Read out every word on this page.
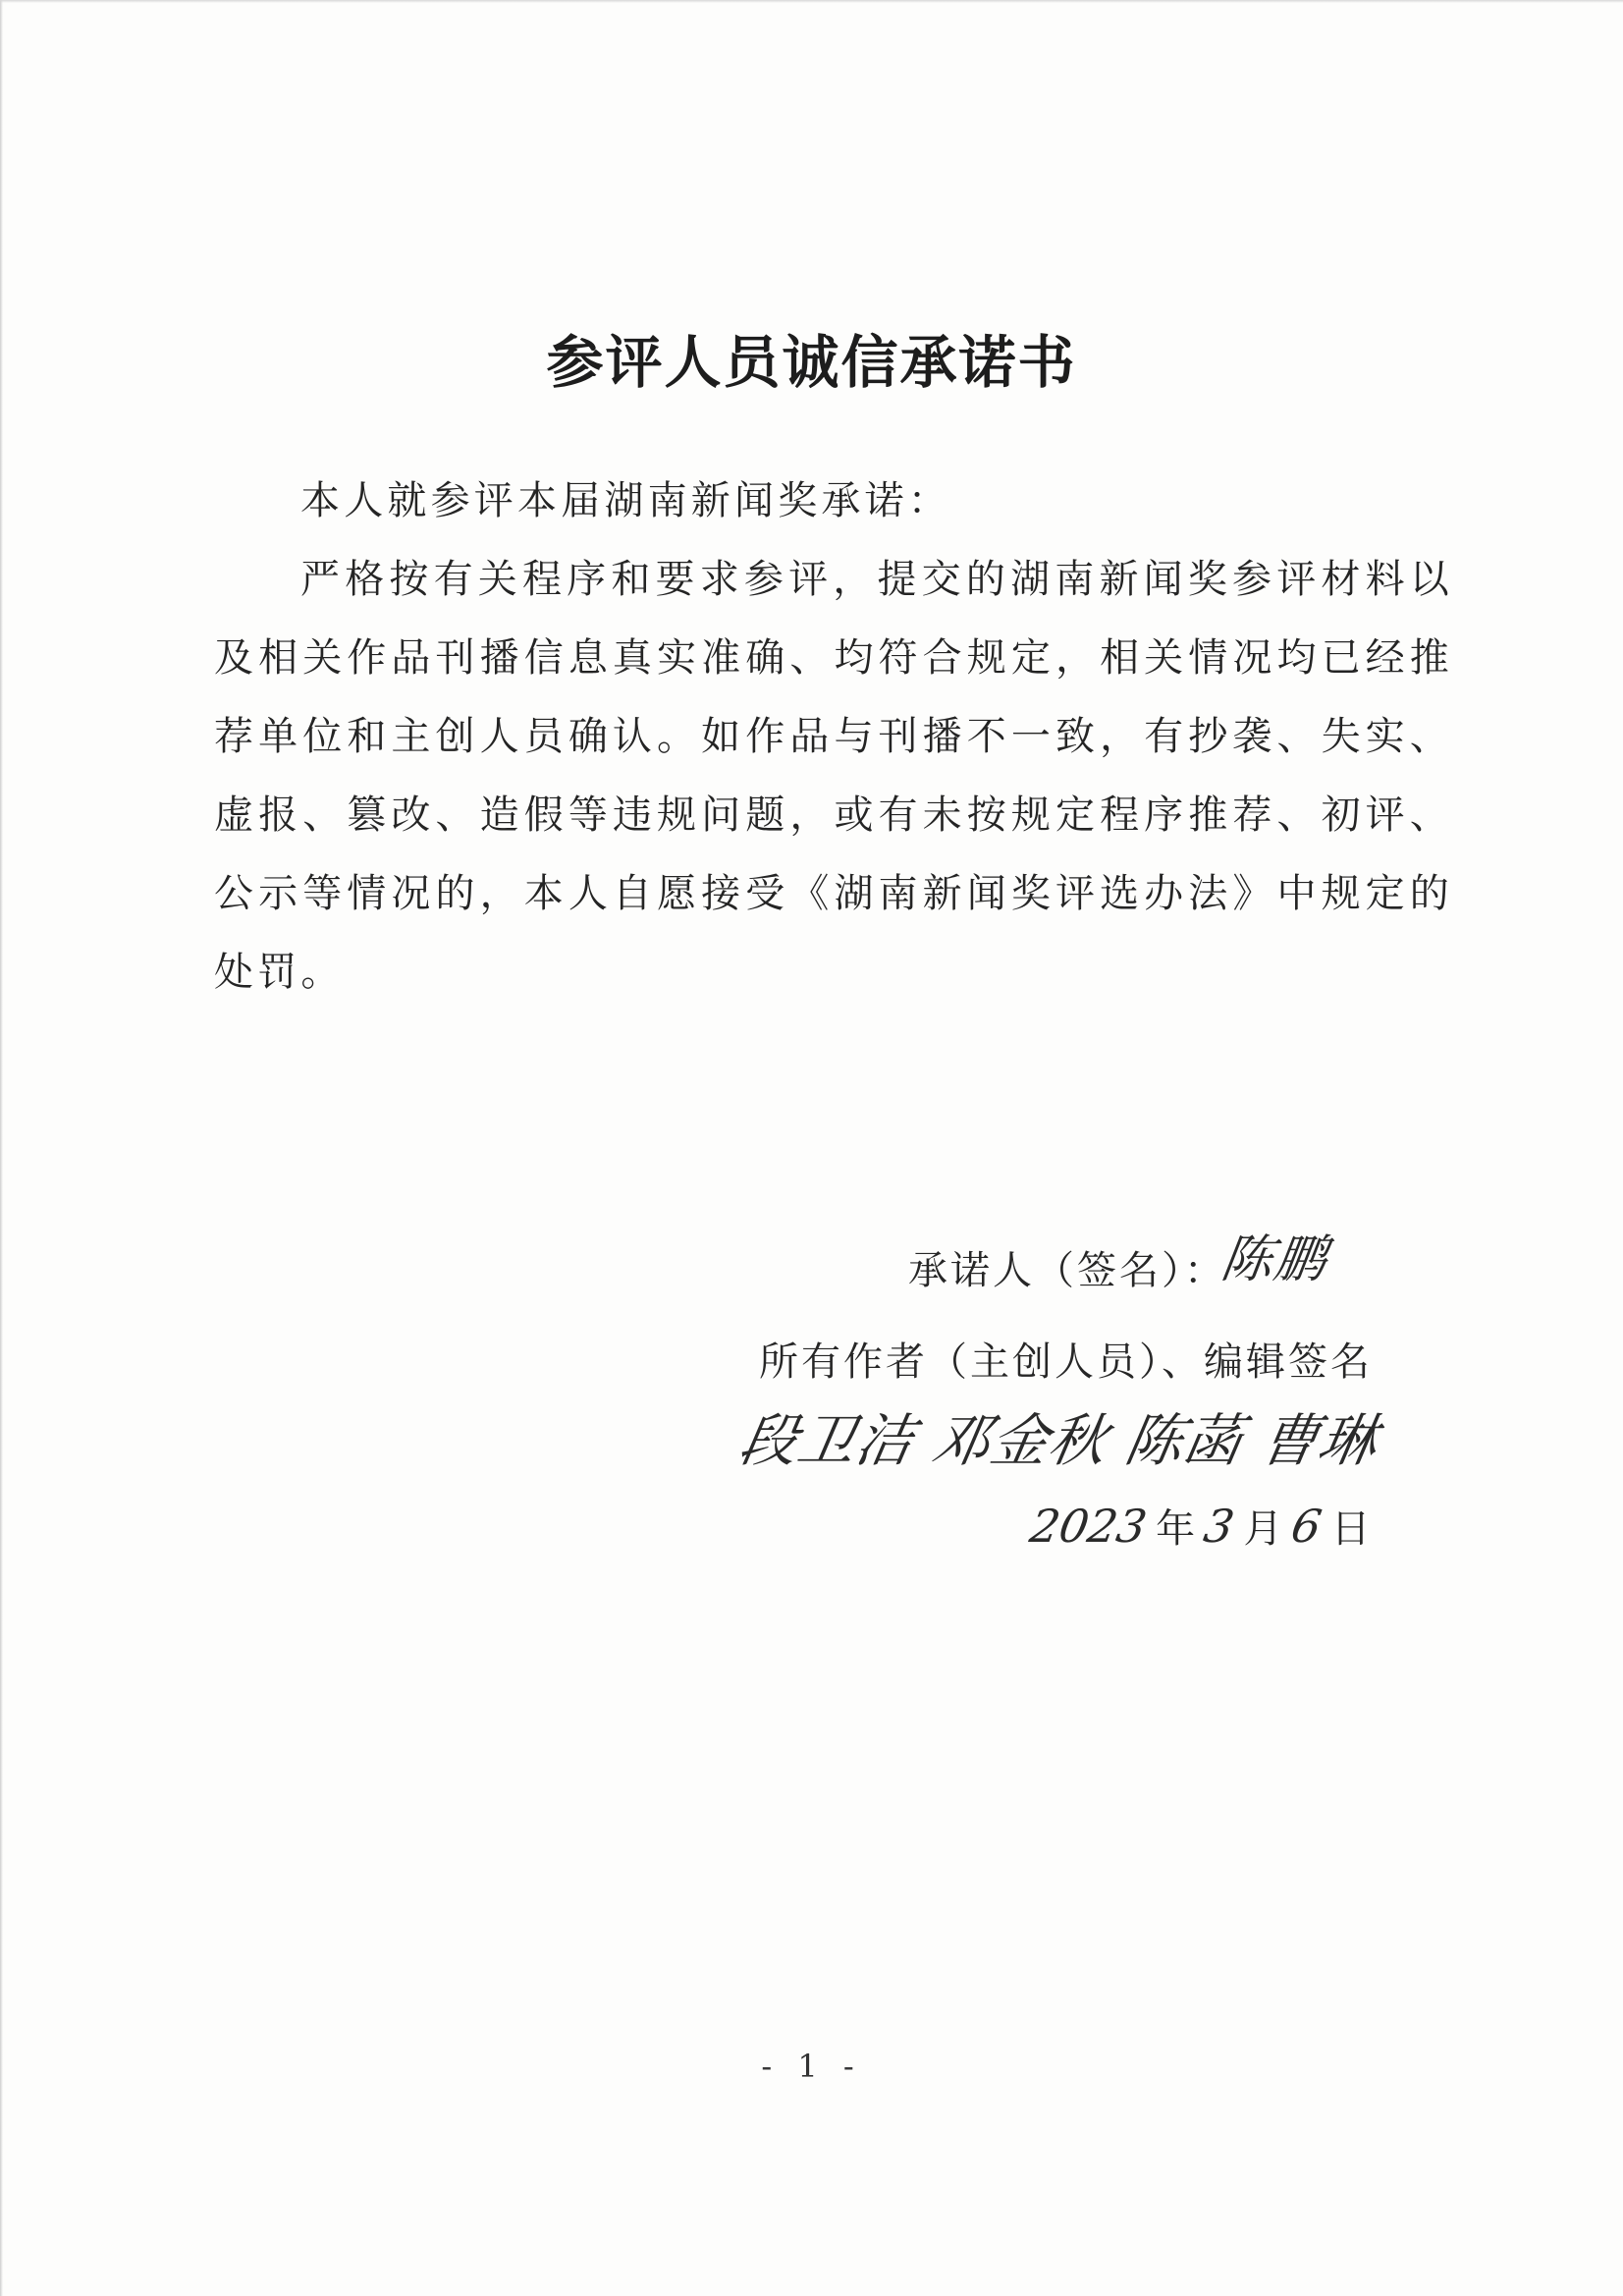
参评人员诚信承诺书

本人就参评本届湖南新闻奖承诺：

严格按有关程序和要求参评，提交的湖南新闻奖参评材料以及相关作品刊播信息真实准确、均符合规定，相关情况均已经推荐单位和主创人员确认。如作品与刊播不一致，有抄袭、失实、虚报、篡改、造假等违规问题，或有未按规定程序推荐、初评、公示等情况的，本人自愿接受《湖南新闻奖评选办法》中规定的处罚。

承诺人（签名）：
陈鹏
所有作者（主创人员）、编辑签名
段卫洁 邓金秋 陈菡 曹琳
2023 年 3 月 6 日
- 1 -
